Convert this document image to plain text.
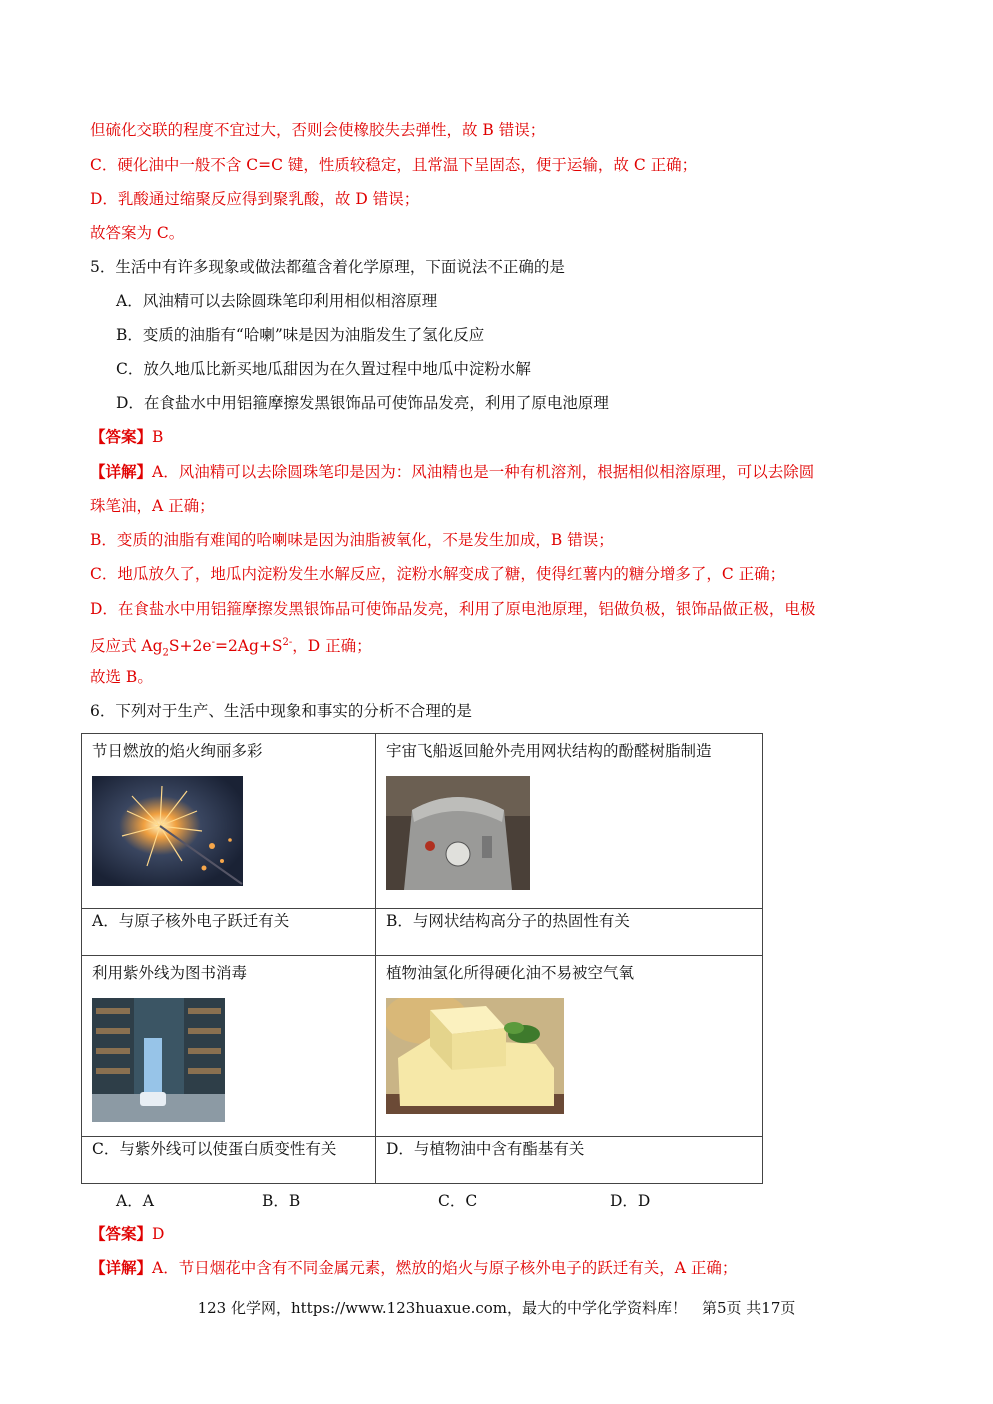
但硫化交联的程度不宜过大，否则会使橡胶失去弹性，故 B 错误；
C．硬化油中一般不含 C=C 键，性质较稳定，且常温下呈固态，便于运输，故 C 正确；
D．乳酸通过缩聚反应得到聚乳酸，故 D 错误；
故答案为 C。
5．生活中有许多现象或做法都蕴含着化学原理，下面说法不正确的是
A．风油精可以去除圆珠笔印利用相似相溶原理
B．变质的油脂有“哈喇”味是因为油脂发生了氢化反应
C．放久地瓜比新买地瓜甜因为在久置过程中地瓜中淀粉水解
D．在食盐水中用铝箍摩擦发黑银饰品可使饰品发亮，利用了原电池原理
【答案】B
【详解】A．风油精可以去除圆珠笔印是因为：风油精也是一种有机溶剂，根据相似相溶原理，可以去除圆
珠笔油，A 正确；
B．变质的油脂有难闻的哈喇味是因为油脂被氧化，不是发生加成，B 错误；
C．地瓜放久了，地瓜内淀粉发生水解反应，淀粉水解变成了糖，使得红薯内的糖分增多了，C 正确；
D．在食盐水中用铝箍摩擦发黑银饰品可使饰品发亮，利用了原电池原理，铝做负极，银饰品做正极，电极
反应式 $Ag_2S+2e^-=2Ag+S^{2-}$，D 正确；
故选 B。
6．下列对于生产、生活中现象和事实的分析不合理的是
节日燃放的焰火绚丽多彩	宇宙飞船返回舱外壳用网状结构的酚醛树脂制造

A．与原子核外电子跃迁有关	B．与网状结构高分子的热固性有关

利用紫外线为图书消毒	植物油氢化所得硬化油不易被空气氧

C．与紫外线可以使蛋白质变性有关	D．与植物油中含有酯基有关
A．A	B．B	C．C	D．D
【答案】D
【详解】A．节日烟花中含有不同金属元素，燃放的焰火与原子核外电子的跃迁有关，A 正确；
123 化学网，https://www.123huaxue.com，最大的中学化学资料库！　第5页 共17页
